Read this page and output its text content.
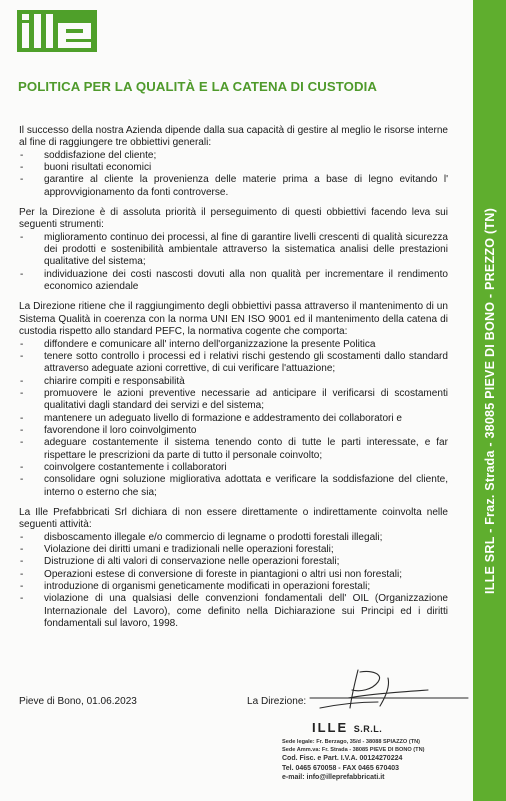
POLITICA PER LA QUALITÀ E LA CATENA DI CUSTODIA

Il successo della nostra Azienda dipende dalla sua capacità di gestire al meglio le risorse interne al fine di raggiungere tre obbiettivi generali:

- soddisfazione del cliente;
- buoni risultati economici
- garantire al cliente la provenienza delle materie prima a base di legno evitando l' approvvigionamento da fonti controverse.

Per la Direzione è di assoluta priorità il perseguimento di questi obbiettivi facendo leva sui seguenti strumenti:

- miglioramento continuo dei processi, al fine di garantire livelli crescenti di qualità sicurezza dei prodotti e sostenibilità ambientale attraverso la sistematica analisi delle prestazioni qualitative del sistema;
- individuazione dei costi nascosti dovuti alla non qualità per incrementare il rendimento economico aziendale

La Direzione ritiene che il raggiungimento degli obbiettivi passa attraverso il mantenimento di un Sistema Qualità in coerenza con la norma UNI EN ISO 9001 ed il mantenimento della catena di custodia rispetto allo standard PEFC, la normativa cogente che comporta:

- diffondere e comunicare all' interno dell'organizzazione la presente Politica
- tenere sotto controllo i processi ed i relativi rischi gestendo gli scostamenti dallo standard attraverso adeguate azioni correttive, di cui verificare l'attuazione;
- chiarire compiti e responsabilità
- promuovere le azioni preventive necessarie ad anticipare il verificarsi di scostamenti qualitativi dagli standard dei servizi e del sistema;
- mantenere un adeguato livello di formazione e addestramento dei collaboratori e
- favorendone il loro coinvolgimento
- adeguare costantemente il sistema tenendo conto di tutte le parti interessate, e far rispettare le prescrizioni da parte di tutto il personale coinvolto;
- coinvolgere costantemente i collaboratori
- consolidare ogni soluzione migliorativa adottata e verificare la soddisfazione del cliente, interno o esterno che sia;

La Ille Prefabbricati Srl dichiara di non essere direttamente o indirettamente coinvolta nelle seguenti attività:

- disboscamento illegale e/o commercio di legname o prodotti forestali illegali;
- Violazione dei diritti umani e tradizionali nelle operazioni forestali;
- Distruzione di alti valori di conservazione nelle operazioni forestali;
- Operazioni estese di conversione di foreste in piantagioni o altri usi non forestali;
- introduzione di organismi geneticamente modificati in operazioni forestali;
- violazione di una qualsiasi delle convenzioni fondamentali dell' OIL (Organizzazione Internazionale del Lavoro), come definito nella Dichiarazione sui Principi ed i diritti fondamentali sul lavoro, 1998.
Pieve di Bono, 01.06.2023	La Direzione:
ILLE S.R.L.
Sede legale: Fr. Berzago, 35/d - 38088 SPIAZZO (TN)
Sede Amm.va: Fr. Strada - 38085 PIEVE DI BONO (TN)
Cod. Fisc. e Part. I.V.A. 00124270224
Tel. 0465 670058 - FAX 0465 670403
e-mail: info@illeprefabbricati.it
ILLE SRL - Fraz. Strada - 38085 PIEVE DI BONO - PREZZO (TN)
